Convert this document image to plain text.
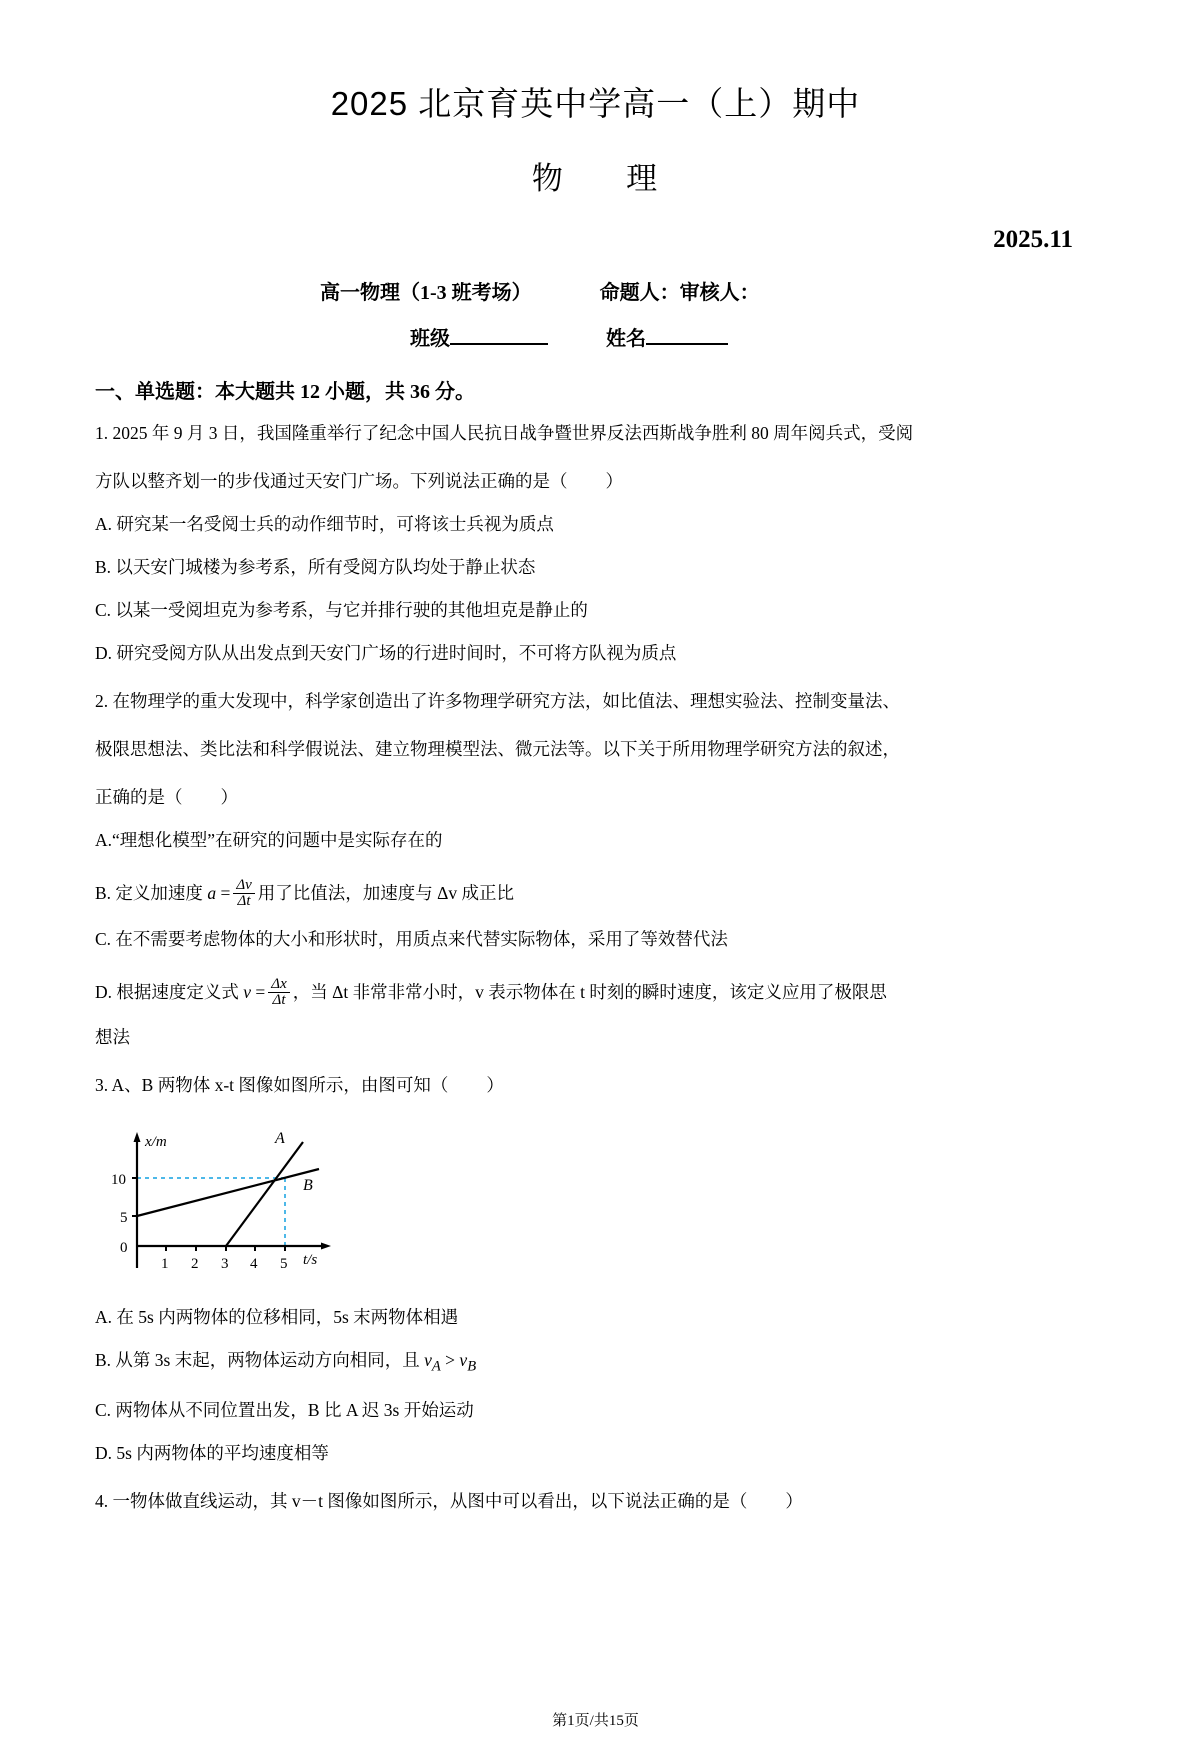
2025 北京育英中学高一（上）期中
物 理
2025.11
高一物理（1-3 班考场）	命题人：审核人：
班级	姓名
一、单选题：本大题共 12 小题，共 36 分。
1. 2025 年 9 月 3 日，我国隆重举行了纪念中国人民抗日战争暨世界反法西斯战争胜利 80 周年阅兵式，受阅
方队以整齐划一的步伐通过天安门广场。下列说法正确的是（ ）
A. 研究某一名受阅士兵的动作细节时，可将该士兵视为质点
B. 以天安门城楼为参考系，所有受阅方队均处于静止状态
C. 以某一受阅坦克为参考系，与它并排行驶的其他坦克是静止的
D. 研究受阅方队从出发点到天安门广场的行进时间时，不可将方队视为质点
2. 在物理学的重大发现中，科学家创造出了许多物理学研究方法，如比值法、理想实验法、控制变量法、
极限思想法、类比法和科学假说法、建立物理模型法、微元法等。以下关于所用物理学研究方法的叙述，
正确的是（ ）
A.“理想化模型”在研究的问题中是实际存在的
B. 定义加速度 $a = \frac{\Delta v}{\Delta t}$ 用了比值法，加速度与 Δv 成正比
C. 在不需要考虑物体的大小和形状时，用质点来代替实际物体，采用了等效替代法
D. 根据速度定义式 $v = \frac{\Delta x}{\Delta t}$ ，当 Δt 非常非常小时，v 表示物体在 t 时刻的瞬时速度，该定义应用了极限思
想法
3. A、B 两物体 x-t 图像如图所示，由图可知（ ）
x/m
t/s
10
5
0
1 2 3 4 5
A
B
A. 在 5s 内两物体的位移相同，5s 末两物体相遇
B. 从第 3s 末起，两物体运动方向相同，且 $v_A > v_B$
C. 两物体从不同位置出发，B 比 A 迟 3s 开始运动
D. 5s 内两物体的平均速度相等
4. 一物体做直线运动，其 v－t 图像如图所示，从图中可以看出，以下说法正确的是（ ）
第1页/共15页
